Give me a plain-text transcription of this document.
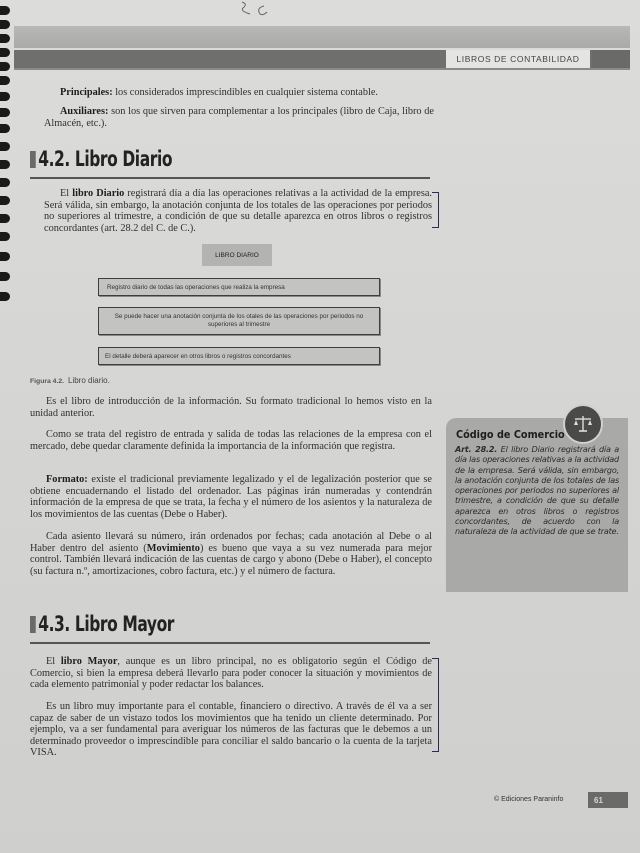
LIBROS DE CONTABILIDAD
Principales: los considerados imprescindibles en cualquier sistema contable.
Auxiliares: son los que sirven para complementar a los principales (libro de Caja, libro de Almacén, etc.).
4.2. Libro Diario
El libro Diario registrará día a día las operaciones relativas a la actividad de la empresa. Será válida, sin embargo, la anotación conjunta de los totales de las operaciones por periodos no superiores al trimestre, a condición de que su detalle aparezca en otros libros o registros concordantes (art. 28.2 del C. de C.).
LIBRO DIARIO
Registro diario de todas las operaciones que realiza la empresa
Se puede hacer una anotación conjunta de los otales de las operaciones por periodos no superiores al trimestre
El detalle deberá aparecer en otros libros o registros concordantes
Figura 4.2. Libro diario.
Es el libro de introducción de la información. Su formato tradicional lo hemos visto en la unidad anterior.
Como se trata del registro de entrada y salida de todas las relaciones de la empresa con el mercado, debe quedar claramente definida la importancia de la información que registra.
Formato: existe el tradicional previamente legalizado y el de legalización posterior que se obtiene encuadernando el listado del ordenador. Las páginas irán numeradas y contendrán información de la empresa de que se trata, la fecha y el número de los asientos y la naturaleza de los movimientos de las cuentas (Debe o Haber).
Cada asiento llevará su número, irán ordenados por fechas; cada anotación al Debe o al Haber dentro del asiento (Movimiento) es bueno que vaya a su vez numerada para mejor control. También llevará indicación de las cuentas de cargo y abono (Debe o Haber), el concepto (su factura n.º, amortizaciones, cobro factura, etc.) y el número de factura.
Código de Comercio
Art. 28.2. El libro Diario registrará día a día las operaciones relativas a la actividad de la empresa. Será válida, sin embargo, la anotación conjunta de los totales de las operaciones por periodos no superiores al trimestre, a condición de que su detalle aparezca en otros libros o registros concordantes, de acuerdo con la naturaleza de la actividad de que se trate.
4.3. Libro Mayor
El libro Mayor, aunque es un libro principal, no es obligatorio según el Código de Comercio, si bien la empresa deberá llevarlo para poder conocer la situación y movimientos de cada elemento patrimonial y poder redactar los balances.
Es un libro muy importante para el contable, financiero o directivo. A través de él va a ser capaz de saber de un vistazo todos los movimientos que ha tenido un cliente determinado. Por ejemplo, va a ser fundamental para averiguar los números de las facturas que le debemos a un determinado proveedor o imprescindible para conciliar el saldo bancario o la cuenta de la tarjeta VISA.
© Ediciones Paraninfo	61
